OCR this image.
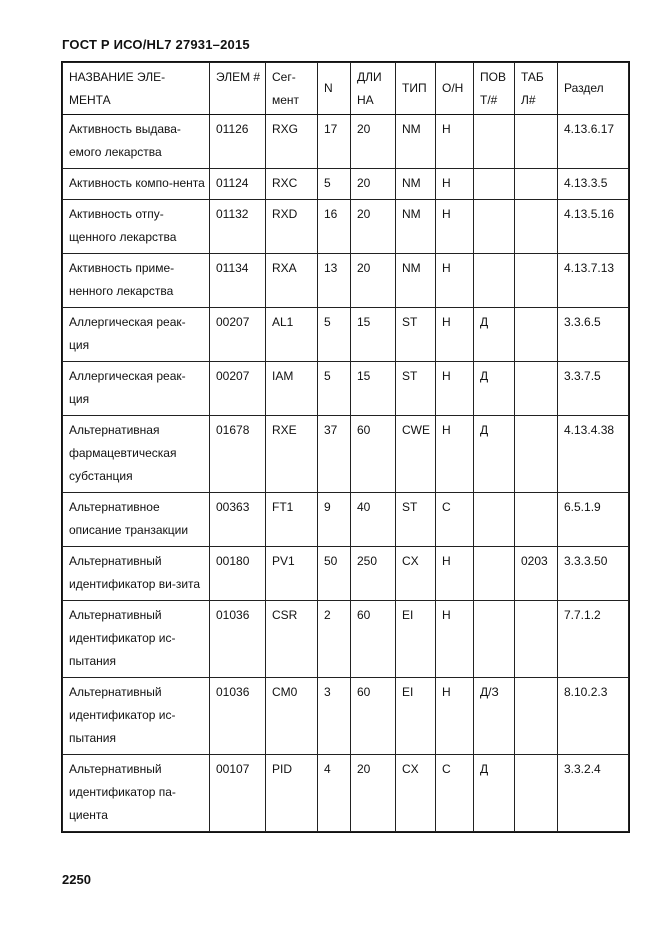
ГОСТ Р ИСО/HL7 27931–2015
НАЗВАНИЕ ЭЛЕ-МЕНТА	ЭЛЕМ #	Сег-мент	N	ДЛИ НА	ТИП	О/Н	ПОВ Т/#	ТАБ Л#	Раздел
Активность выдава-емого лекарства	01126	RXG	17	20	NM	Н			4.13.6.17
Активность компо-нента	01124	RXC	5	20	NM	Н			4.13.3.5
Активность отпу-щенного лекарства	01132	RXD	16	20	NM	Н			4.13.5.16
Активность приме-ненного лекарства	01134	RXA	13	20	NM	Н			4.13.7.13
Аллергическая реак-ция	00207	AL1	5	15	ST	Н	Д		3.3.6.5
Аллергическая реак-ция	00207	IAM	5	15	ST	Н	Д		3.3.7.5
Альтернативная фармацевтическая субстанция	01678	RXE	37	60	CWE	Н	Д		4.13.4.38
Альтернативное описание транзакции	00363	FT1	9	40	ST	С			6.5.1.9
Альтернативный идентификатор ви-зита	00180	PV1	50	250	CX	Н		0203	3.3.3.50
Альтернативный идентификатор ис-пытания	01036	CSR	2	60	EI	Н			7.7.1.2
Альтернативный идентификатор ис-пытания	01036	CM0	3	60	EI	Н	Д/З		8.10.2.3
Альтернативный идентификатор па-циента	00107	PID	4	20	CX	С	Д		3.3.2.4
2250
